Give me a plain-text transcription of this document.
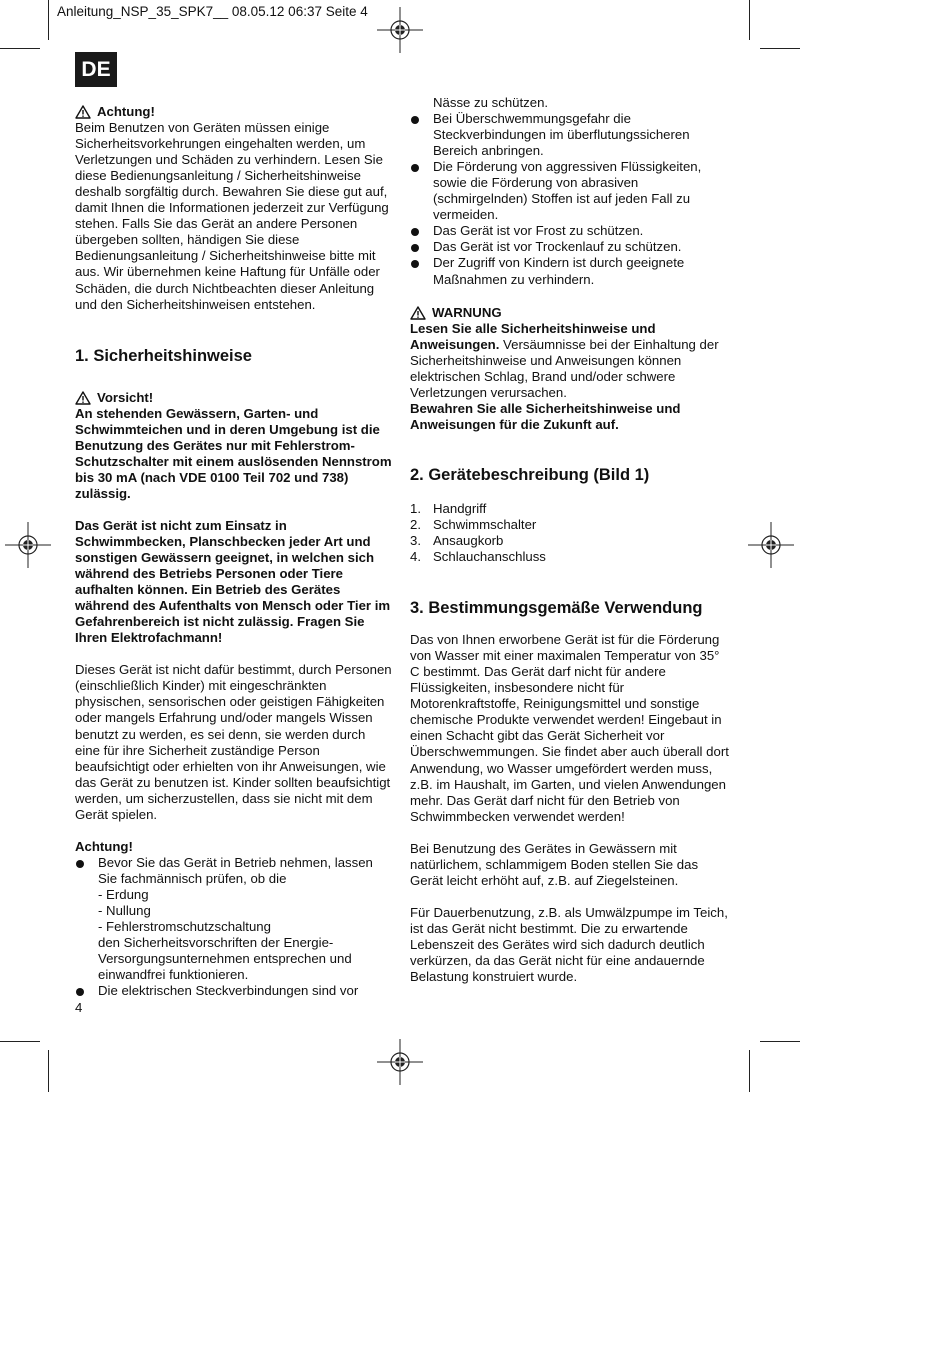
Anleitung_NSP_35_SPK7__ 08.05.12 06:37 Seite 4
DE
Achtung!

Beim Benutzen von Geräten müssen einige Sicherheitsvorkehrungen eingehalten werden, um Verletzungen und Schäden zu verhindern. Lesen Sie diese Bedienungsanleitung / Sicherheitshinweise deshalb sorgfältig durch. Bewahren Sie diese gut auf, damit Ihnen die Informationen jederzeit zur Verfügung stehen. Falls Sie das Gerät an andere Personen übergeben sollten, händigen Sie diese Bedienungsanleitung / Sicherheitshinweise bitte mit aus. Wir übernehmen keine Haftung für Unfälle oder Schäden, die durch Nichtbeachten dieser Anleitung und den Sicherheitshinweisen entstehen.

1. Sicherheitshinweise
Vorsicht!

An stehenden Gewässern, Garten- und Schwimmteichen und in deren Umgebung ist die Benutzung des Gerätes nur mit Fehlerstrom-Schutzschalter mit einem auslösenden Nennstrom bis 30 mA (nach VDE 0100 Teil 702 und 738) zulässig.

Das Gerät ist nicht zum Einsatz in Schwimmbecken, Planschbecken jeder Art und sonstigen Gewässern geeignet, in welchen sich während des Betriebs Personen oder Tiere aufhalten können. Ein Betrieb des Gerätes während des Aufenthalts von Mensch oder Tier im Gefahrenbereich ist nicht zulässig. Fragen Sie Ihren Elektrofachmann!

Dieses Gerät ist nicht dafür bestimmt, durch Personen (einschließlich Kinder) mit eingeschränkten physischen, sensorischen oder geistigen Fähigkeiten oder mangels Erfahrung und/oder mangels Wissen benutzt zu werden, es sei denn, sie werden durch eine für ihre Sicherheit zuständige Person beaufsichtigt oder erhielten von ihr Anweisungen, wie das Gerät zu benutzen ist. Kinder sollten beaufsichtigt werden, um sicherzustellen, dass sie nicht mit dem Gerät spielen.

Achtung!

Bevor Sie das Gerät in Betrieb nehmen, lassen Sie fachmännisch prüfen, ob die
- Erdung
- Nullung
- Fehlerstromschutzschaltung
den Sicherheitsvorschriften der Energie-Versorgungsunternehmen entsprechen und einwandfrei funktionieren.
Die elektrischen Steckverbindungen sind vor
4
Nässe zu schützen.
Bei Überschwemmungsgefahr die Steckverbindungen im überflutungssicheren Bereich anbringen.
Die Förderung von aggressiven Flüssigkeiten, sowie die Förderung von abrasiven (schmirgelnden) Stoffen ist auf jeden Fall zu vermeiden.
Das Gerät ist vor Frost zu schützen.
Das Gerät ist vor Trockenlauf zu schützen.
Der Zugriff von Kindern ist durch geeignete Maßnahmen zu verhindern.
WARNUNG

Lesen Sie alle Sicherheitshinweise und Anweisungen. Versäumnisse bei der Einhaltung der Sicherheitshinweise und Anweisungen können elektrischen Schlag, Brand und/oder schwere Verletzungen verursachen.

Bewahren Sie alle Sicherheitshinweise und Anweisungen für die Zukunft auf.

2. Gerätebeschreibung (Bild 1)
1. Handgriff
2. Schwimmschalter
3. Ansaugkorb
4. Schlauchanschluss
3. Bestimmungsgemäße Verwendung

Das von Ihnen erworbene Gerät ist für die Förderung von Wasser mit einer maximalen Temperatur von 35° C bestimmt. Das Gerät darf nicht für andere Flüssigkeiten, insbesondere nicht für Motorenkraftstoffe, Reinigungsmittel und sonstige chemische Produkte verwendet werden! Eingebaut in einen Schacht gibt das Gerät Sicherheit vor Überschwemmungen. Sie findet aber auch überall dort Anwendung, wo Wasser umgefördert werden muss, z.B. im Haushalt, im Garten, und vielen Anwendungen mehr. Das Gerät darf nicht für den Betrieb von Schwimmbecken verwendet werden!

Bei Benutzung des Gerätes in Gewässern mit natürlichem, schlammigem Boden stellen Sie das Gerät leicht erhöht auf, z.B. auf Ziegelsteinen.

Für Dauerbenutzung, z.B. als Umwälzpumpe im Teich, ist das Gerät nicht bestimmt. Die zu erwartende Lebenszeit des Gerätes wird sich dadurch deutlich verkürzen, da das Gerät nicht für eine andauernde Belastung konstruiert wurde.
